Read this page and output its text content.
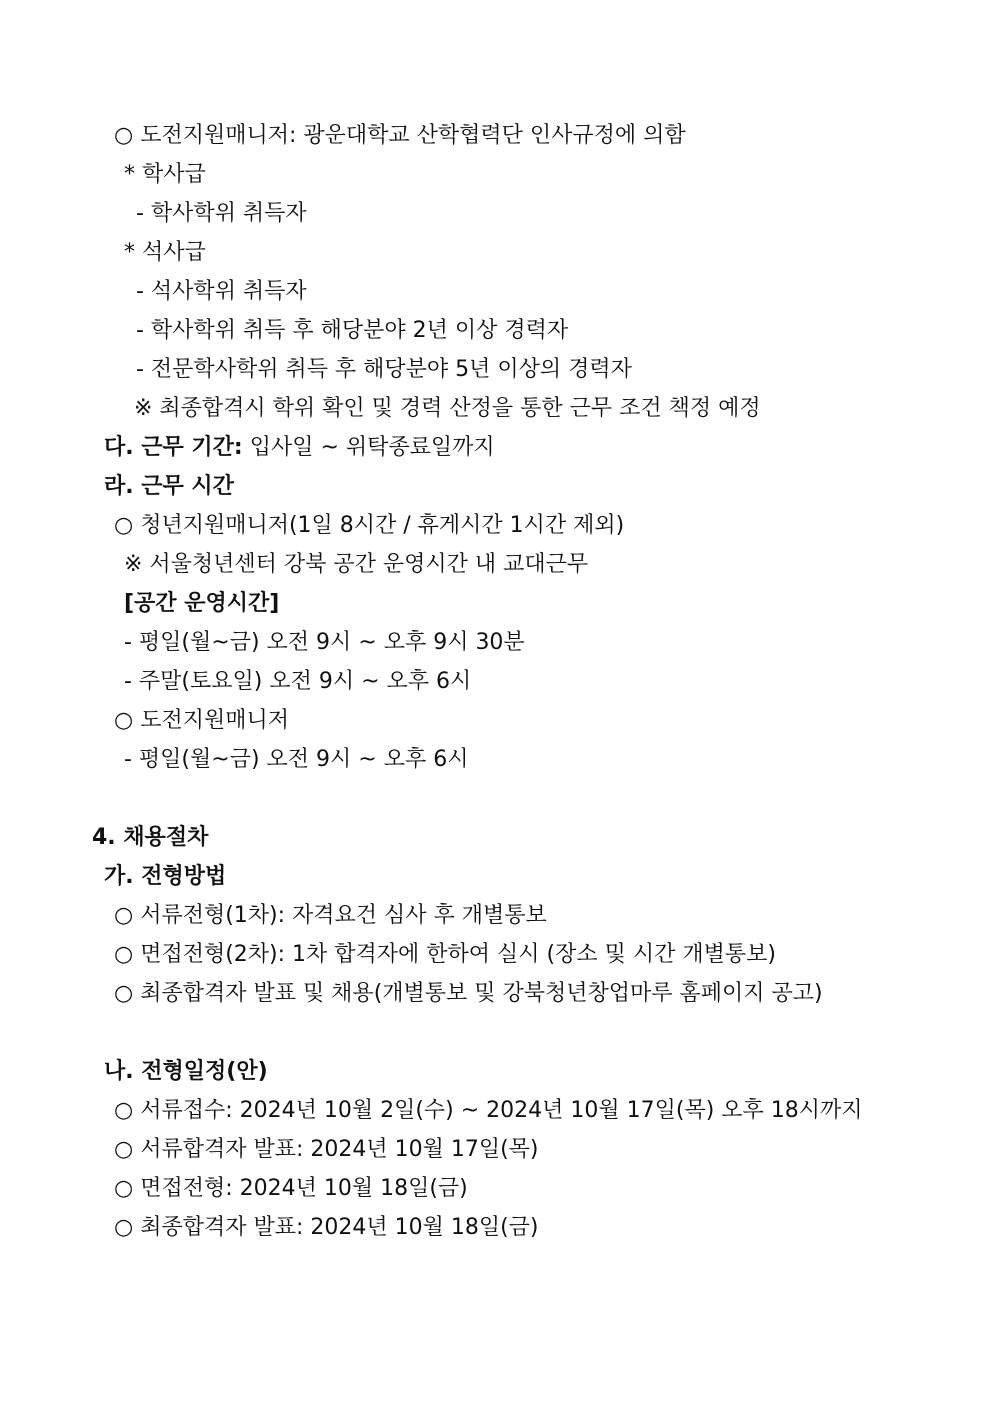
○ 도전지원매니저: 광운대학교 산학협력단 인사규정에 의함
* 학사급
- 학사학위 취득자
* 석사급
- 석사학위 취득자
- 학사학위 취득 후 해당분야 2년 이상 경력자
- 전문학사학위 취득 후 해당분야 5년 이상의 경력자
※ 최종합격시 학위 확인 및 경력 산정을 통한 근무 조건 책정 예정
다. 근무 기간: 입사일 ~ 위탁종료일까지
라. 근무 시간
○ 청년지원매니저(1일 8시간 / 휴게시간 1시간 제외)
※ 서울청년센터 강북 공간 운영시간 내 교대근무
[공간 운영시간]
- 평일(월~금) 오전 9시 ~ 오후 9시 30분
- 주말(토요일) 오전 9시 ~ 오후 6시
○ 도전지원매니저
- 평일(월~금) 오전 9시 ~ 오후 6시
4. 채용절차
가. 전형방법
○ 서류전형(1차): 자격요건 심사 후 개별통보
○ 면접전형(2차): 1차 합격자에 한하여 실시 (장소 및 시간 개별통보)
○ 최종합격자 발표 및 채용(개별통보 및 강북청년창업마루 홈페이지 공고)
나. 전형일정(안)
○ 서류접수: 2024년 10월 2일(수) ~ 2024년 10월 17일(목) 오후 18시까지
○ 서류합격자 발표: 2024년 10월 17일(목)
○ 면접전형: 2024년 10월 18일(금)
○ 최종합격자 발표: 2024년 10월 18일(금)
